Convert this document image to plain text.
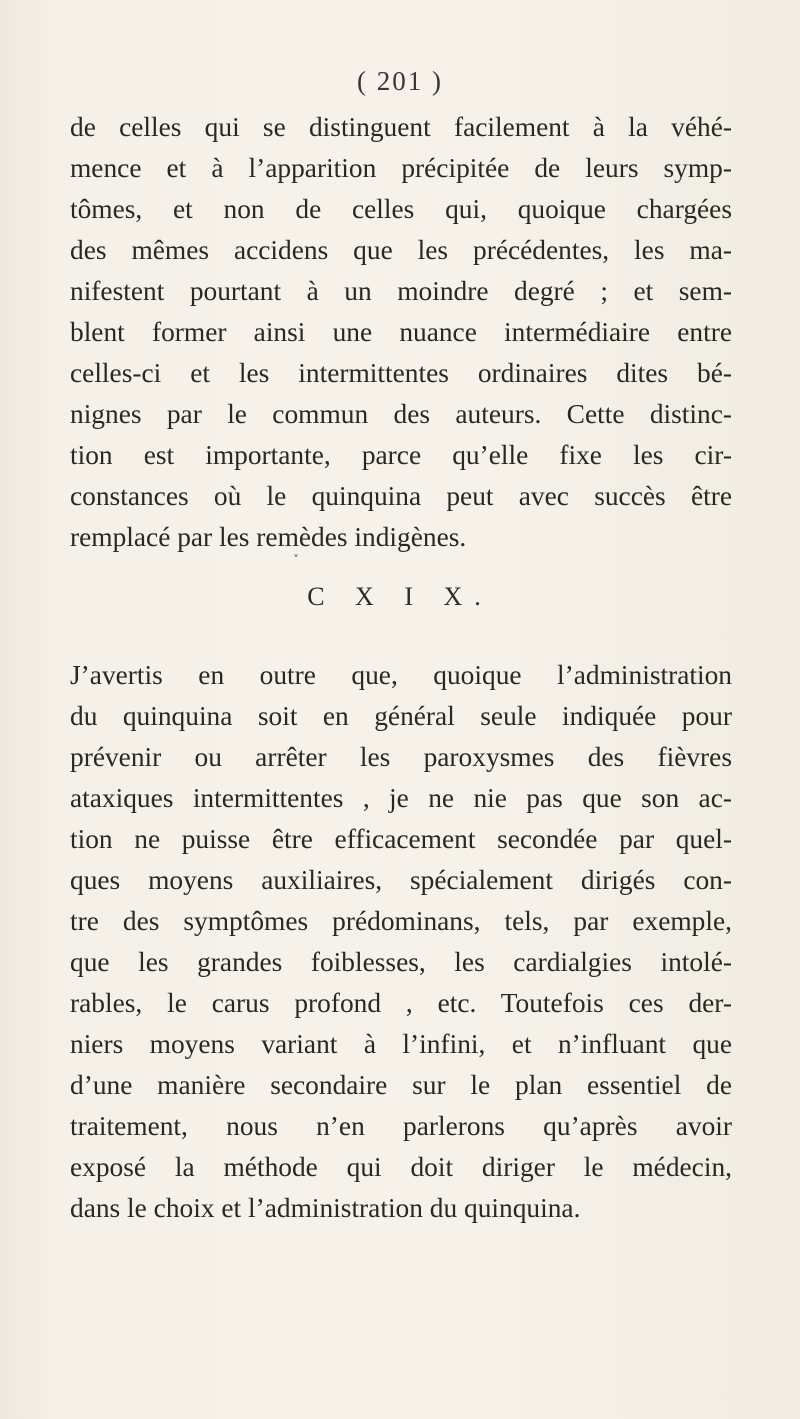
( 201 )
de celles qui se distinguent facilement à la véhé-
mence et à l’apparition précipitée de leurs symp-
tômes, et non de celles qui, quoique chargées
des mêmes accidens que les précédentes, les ma-
nifestent pourtant à un moindre degré ; et sem-
blent former ainsi une nuance intermédiaire entre
celles-ci et les intermittentes ordinaires dites bé-
nignes par le commun des auteurs. Cette distinc-
tion est importante, parce qu’elle fixe les cir-
constances où le quinquina peut avec succès être
remplacé par les remèdes indigènes.
˅
C X I X.
J’avertis en outre que, quoique l’administration
du quinquina soit en général seule indiquée pour
prévenir ou arrêter les paroxysmes des fièvres
ataxiques intermittentes , je ne nie pas que son ac-
tion ne puisse être efficacement secondée par quel-
ques moyens auxiliaires, spécialement dirigés con-
tre des symptômes prédominans, tels, par exemple,
que les grandes foiblesses, les cardialgies intolé-
rables, le carus profond , etc. Toutefois ces der-
niers moyens variant à l’infini, et n’influant que
d’une manière secondaire sur le plan essentiel de
traitement, nous n’en parlerons qu’après avoir
exposé la méthode qui doit diriger le médecin,
dans le choix et l’administration du quinquina.
